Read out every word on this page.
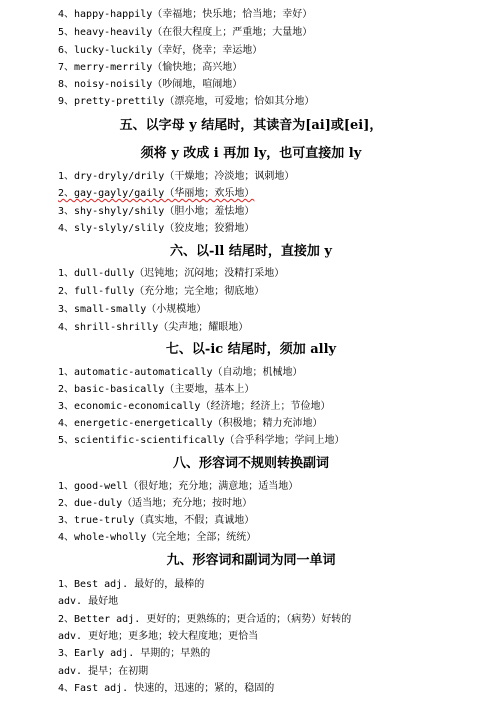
4、happy-happily（幸福地；快乐地；恰当地；幸好）
5、heavy-heavily（在很大程度上；严重地；大量地）
6、lucky-luckily（幸好，侥幸；幸运地）
7、merry-merrily（愉快地；高兴地）
8、noisy-noisily（吵闹地，喧闹地）
9、pretty-prettily（漂亮地，可爱地；恰如其分地）
五、以字母 y 结尾时，其读音为[ai]或[ei]，
须将 y 改成 i 再加 ly，也可直接加 ly
1、dry-dryly/drily（干燥地；冷淡地；讽刺地）
2、gay-gayly/gaily（华丽地；欢乐地）
3、shy-shyly/shily（胆小地；羞怯地）
4、sly-slyly/slily（狡皮地；狡猾地）
六、以-ll 结尾时，直接加 y
1、dull-dully（迟钝地；沉闷地；没精打采地）
2、full-fully（充分地；完全地；彻底地）
3、small-smally（小规模地）
4、shrill-shrilly（尖声地；耀眼地）
七、以-ic 结尾时，须加 ally
1、automatic-automatically（自动地；机械地）
2、basic-basically（主要地，基本上）
3、economic-economically（经济地；经济上；节俭地）
4、energetic-energetically（积极地；精力充沛地）
5、scientific-scientifically（合乎科学地；学问上地）
八、形容词不规则转换副词
1、good-well（很好地；充分地；满意地；适当地）
2、due-duly（适当地；充分地；按时地）
3、true-truly（真实地，不假；真诚地）
4、whole-wholly（完全地；全部；统统）
九、形容词和副词为同一单词
1、Best adj. 最好的，最棒的
adv. 最好地
2、Better adj. 更好的；更熟练的；更合适的；（病势）好转的
adv. 更好地；更多地；较大程度地；更恰当
3、Early adj. 早期的；早熟的
adv. 提早；在初期
4、Fast adj. 快速的，迅速的；紧的，稳固的
